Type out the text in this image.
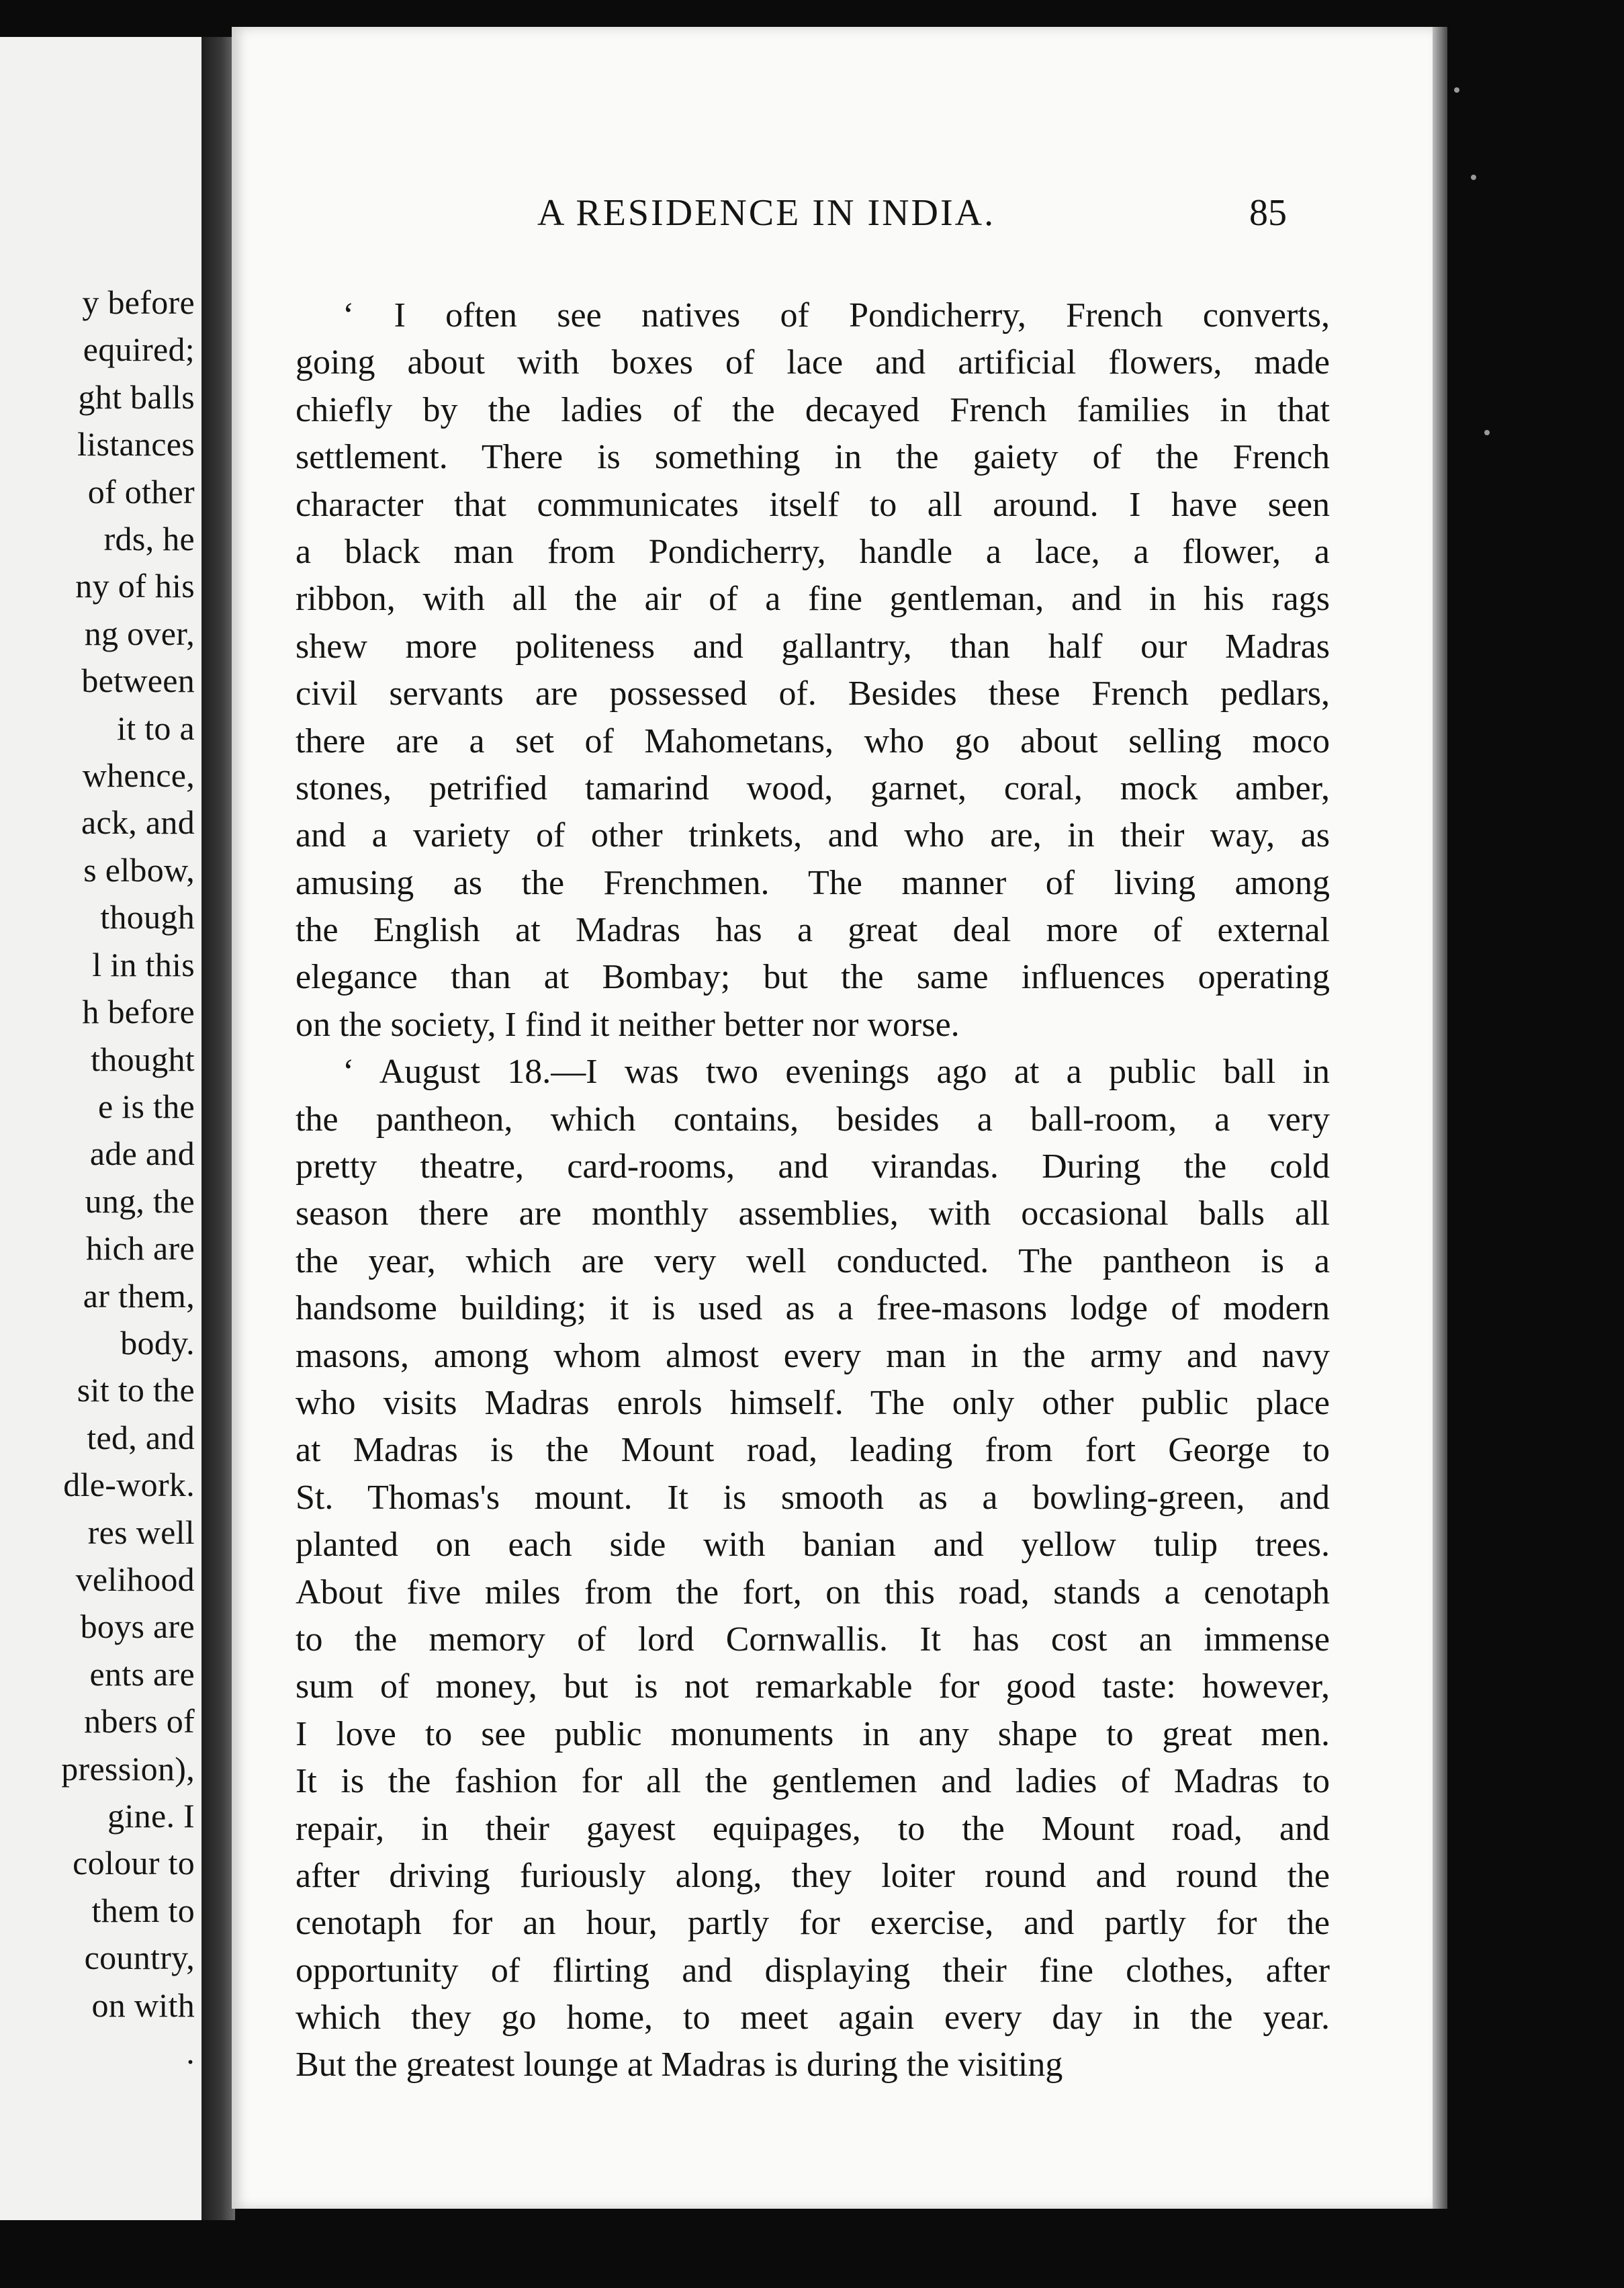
y before
equired;
ght balls
listances
of other
rds, he
ny of his
ng over,
between
it to a
whence,
ack, and
s elbow,
though
l in this
h before
thought
e is the
ade and
ung, the
hich are
ar them,
body.
sit to the
ted, and
dle-work.
res well
velihood
boys are
ents are
nbers of
pression),
gine. I
colour to
them to
country,
on with
.
A RESIDENCE IN INDIA.	85
‘ I often see natives of Pondicherry, French converts,
going about with boxes of lace and artificial flowers, made
chiefly by the ladies of the decayed French families in that
settlement. There is something in the gaiety of the French
character that communicates itself to all around. I have seen
a black man from Pondicherry, handle a lace, a flower, a
ribbon, with all the air of a fine gentleman, and in his rags
shew more politeness and gallantry, than half our Madras
civil servants are possessed of. Besides these French pedlars,
there are a set of Mahometans, who go about selling moco
stones, petrified tamarind wood, garnet, coral, mock amber,
and a variety of other trinkets, and who are, in their way, as
amusing as the Frenchmen. The manner of living among
the English at Madras has a great deal more of external
elegance than at Bombay; but the same influences operating
on the society, I find it neither better nor worse.
‘ August 18.—I was two evenings ago at a public ball in
the pantheon, which contains, besides a ball-room, a very
pretty theatre, card-rooms, and virandas. During the cold
season there are monthly assemblies, with occasional balls all
the year, which are very well conducted. The pantheon is a
handsome building; it is used as a free-masons lodge of modern
masons, among whom almost every man in the army and navy
who visits Madras enrols himself. The only other public place
at Madras is the Mount road, leading from fort George to
St. Thomas's mount. It is smooth as a bowling-green, and
planted on each side with banian and yellow tulip trees.
About five miles from the fort, on this road, stands a cenotaph
to the memory of lord Cornwallis. It has cost an immense
sum of money, but is not remarkable for good taste: however,
I love to see public monuments in any shape to great men.
It is the fashion for all the gentlemen and ladies of Madras to
repair, in their gayest equipages, to the Mount road, and
after driving furiously along, they loiter round and round the
cenotaph for an hour, partly for exercise, and partly for the
opportunity of flirting and displaying their fine clothes, after
which they go home, to meet again every day in the year.
But the greatest lounge at Madras is during the visiting
